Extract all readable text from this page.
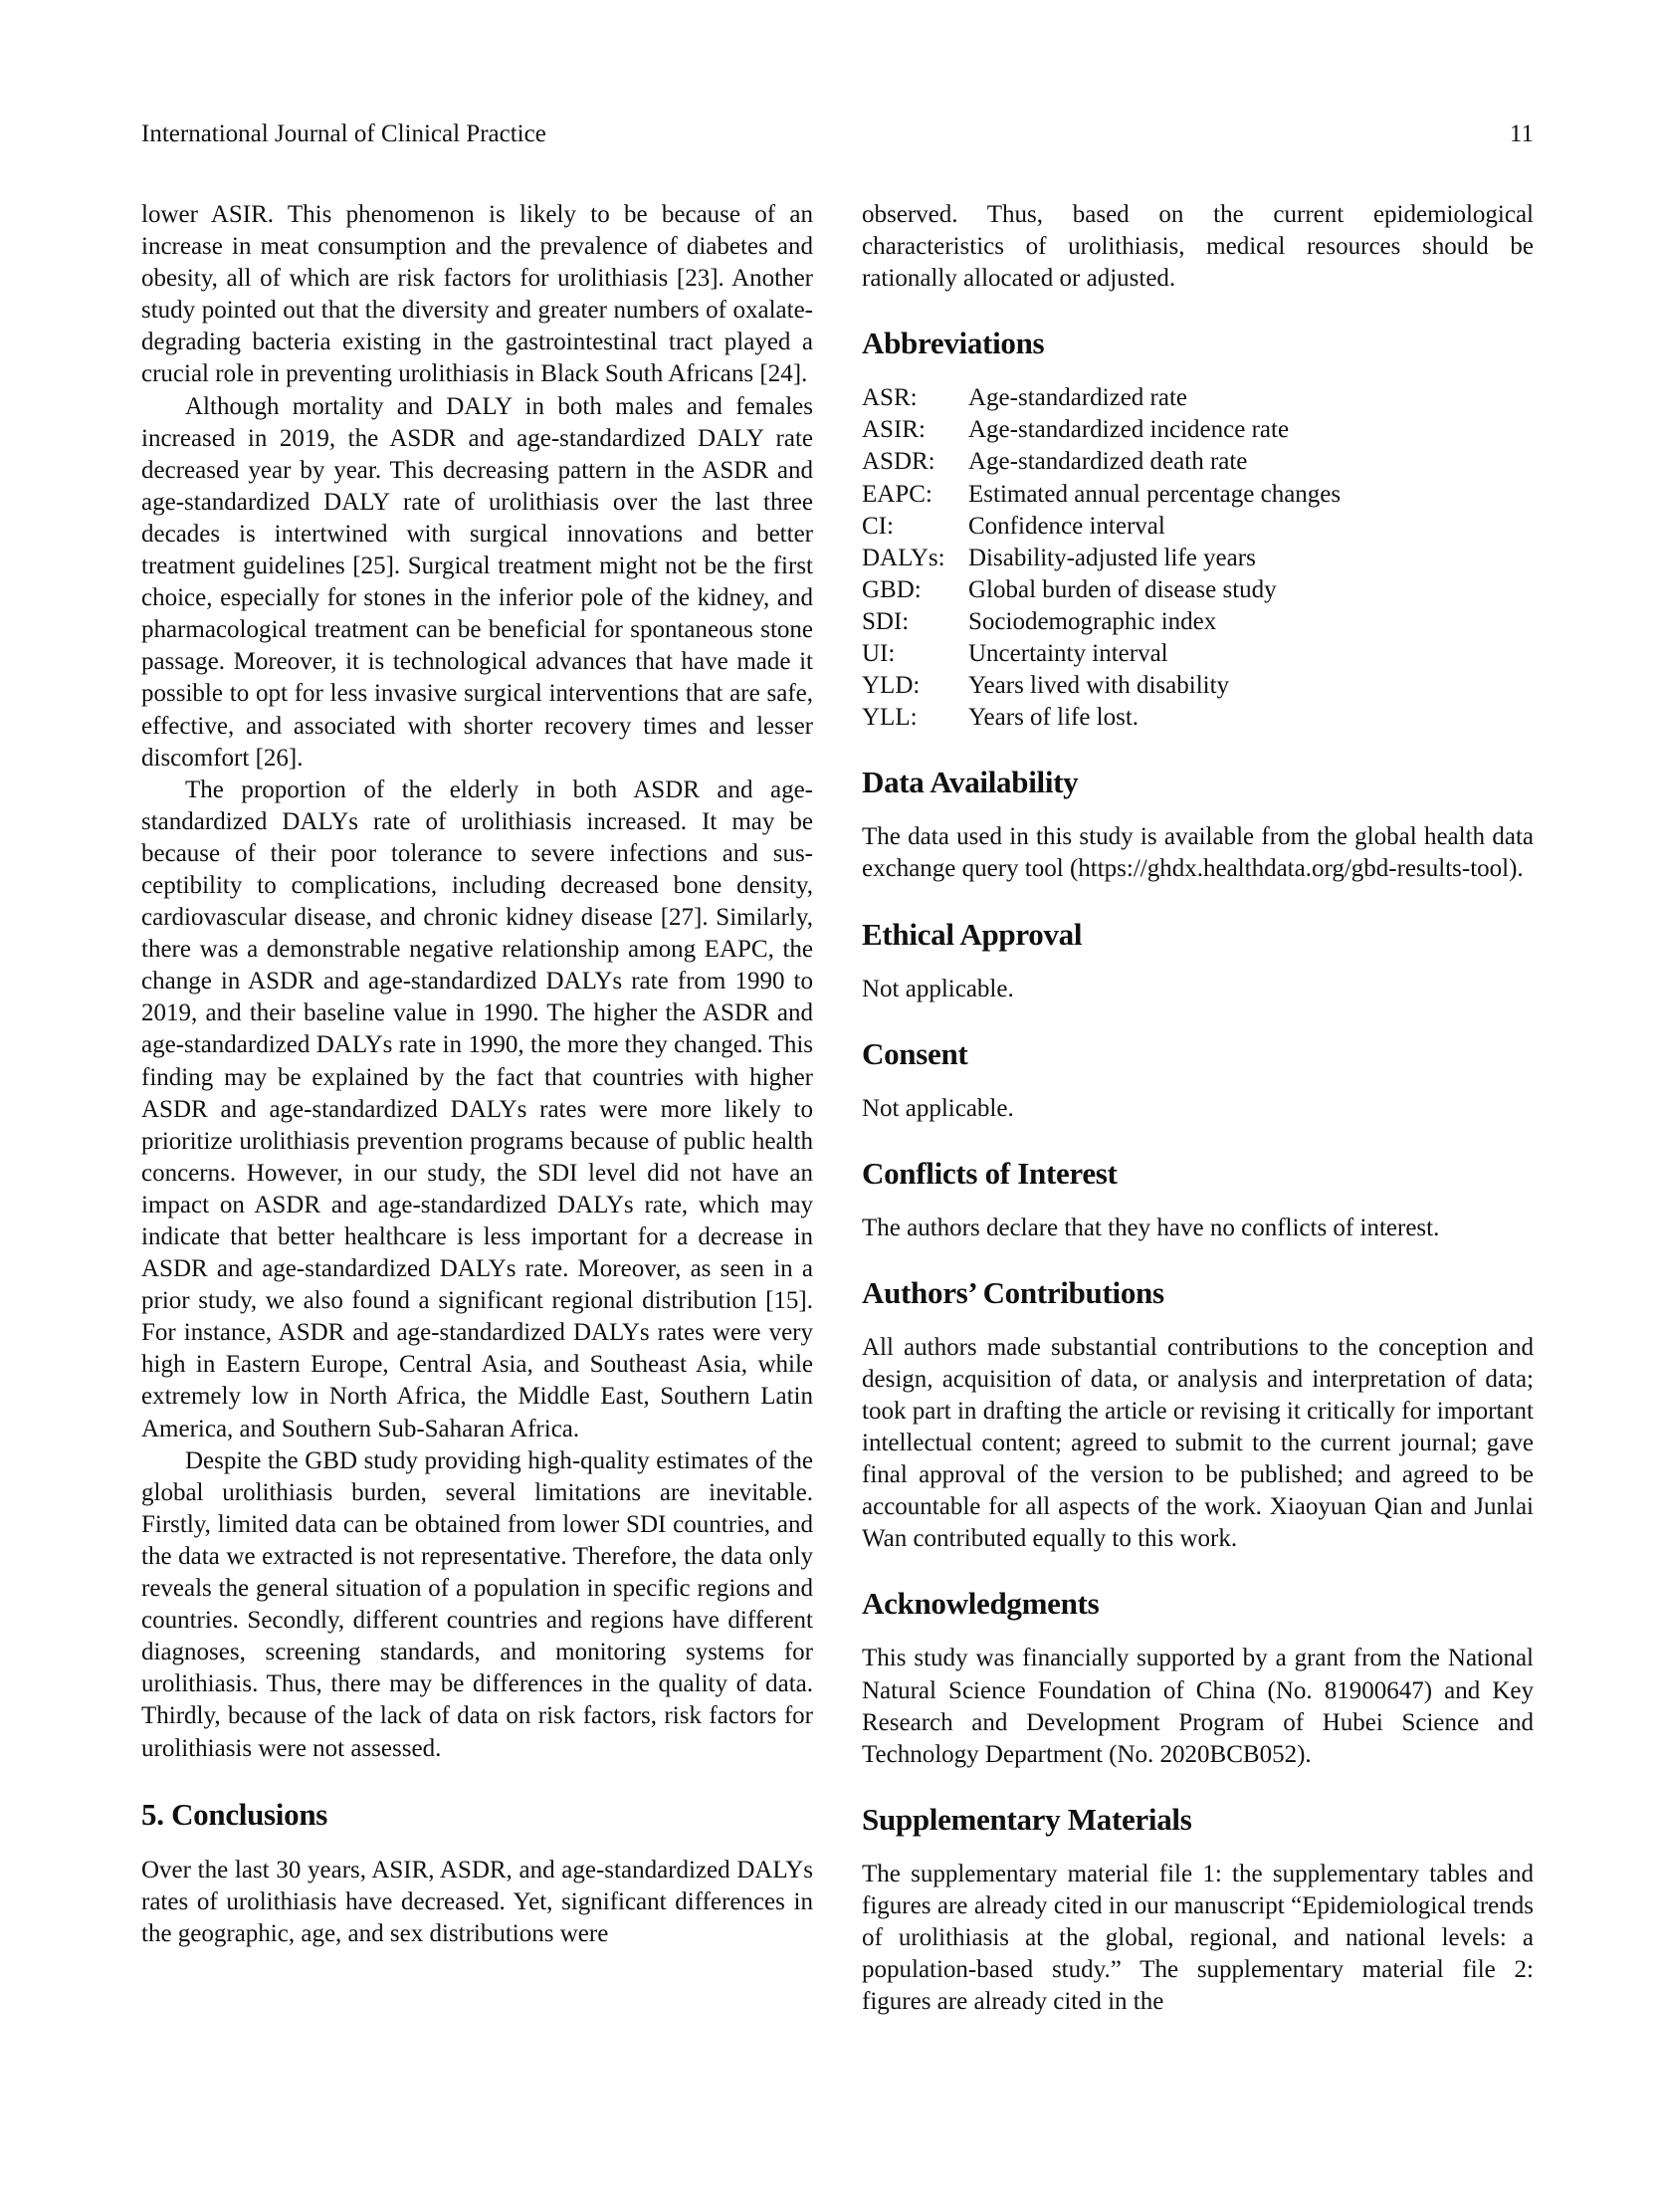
International Journal of Clinical Practice	11

lower ASIR. This phenomenon is likely to be because of an increase in meat consumption and the prevalence of diabetes and obesity, all of which are risk factors for urolithiasis [23]. Another study pointed out that the diversity and greater numbers of oxalate-degrading bacteria existing in the gastrointestinal tract played a crucial role in preventing urolithiasis in Black South Africans [24].

Although mortality and DALY in both males and females increased in 2019, the ASDR and age-standardized DALY rate decreased year by year. This decreasing pattern in the ASDR and age-standardized DALY rate of urolithiasis over the last three decades is intertwined with surgical innovations and better treatment guidelines [25]. Surgical treatment might not be the first choice, especially for stones in the inferior pole of the kidney, and pharmacological treatment can be beneficial for spontaneous stone passage. Moreover, it is technological advances that have made it possible to opt for less invasive surgical interventions that are safe, effective, and associated with shorter recovery times and lesser discomfort [26].

The proportion of the elderly in both ASDR and age-standardized DALYs rate of urolithiasis increased. It may be because of their poor tolerance to severe infections and susceptibility to complications, including decreased bone density, cardiovascular disease, and chronic kidney disease [27]. Similarly, there was a demonstrable negative relationship among EAPC, the change in ASDR and age-standardized DALYs rate from 1990 to 2019, and their baseline value in 1990. The higher the ASDR and age-standardized DALYs rate in 1990, the more they changed. This finding may be explained by the fact that countries with higher ASDR and age-standardized DALYs rates were more likely to prioritize urolithiasis prevention programs because of public health concerns. However, in our study, the SDI level did not have an impact on ASDR and age-standardized DALYs rate, which may indicate that better healthcare is less important for a decrease in ASDR and age-standardized DALYs rate. Moreover, as seen in a prior study, we also found a significant regional distribution [15]. For instance, ASDR and age-standardized DALYs rates were very high in Eastern Europe, Central Asia, and Southeast Asia, while extremely low in North Africa, the Middle East, Southern Latin America, and Southern Sub-Saharan Africa.

Despite the GBD study providing high-quality estimates of the global urolithiasis burden, several limitations are inevitable. Firstly, limited data can be obtained from lower SDI countries, and the data we extracted is not representative. Therefore, the data only reveals the general situation of a population in specific regions and countries. Secondly, different countries and regions have different diagnoses, screening standards, and monitoring systems for urolithiasis. Thus, there may be differences in the quality of data. Thirdly, because of the lack of data on risk factors, risk factors for urolithiasis were not assessed.

5. Conclusions

Over the last 30 years, ASIR, ASDR, and age-standardized DALYs rates of urolithiasis have decreased. Yet, significant differences in the geographic, age, and sex distributions were

observed. Thus, based on the current epidemiological characteristics of urolithiasis, medical resources should be rationally allocated or adjusted.

Abbreviations
ASR:	Age-standardized rate
ASIR:	Age-standardized incidence rate
ASDR:	Age-standardized death rate
EAPC:	Estimated annual percentage changes
CI:	Confidence interval
DALYs: Disability-adjusted life years
GBD:	Global burden of disease study
SDI:	Sociodemographic index
UI:	Uncertainty interval
YLD:	Years lived with disability
YLL:	Years of life lost.
Data Availability

The data used in this study is available from the global health data exchange query tool (https://ghdx.healthdata.org/gbd-results-tool).

Ethical Approval

Not applicable.

Consent

Not applicable.

Conflicts of Interest

The authors declare that they have no conflicts of interest.

Authors’ Contributions

All authors made substantial contributions to the conception and design, acquisition of data, or analysis and interpretation of data; took part in drafting the article or revising it critically for important intellectual content; agreed to submit to the current journal; gave final approval of the version to be published; and agreed to be accountable for all aspects of the work. Xiaoyuan Qian and Junlai Wan contributed equally to this work.

Acknowledgments

This study was financially supported by a grant from the National Natural Science Foundation of China (No. 81900647) and Key Research and Development Program of Hubei Science and Technology Department (No. 2020BCB052).

Supplementary Materials

The supplementary material file 1: the supplementary tables and figures are already cited in our manuscript “Epidemiological trends of urolithiasis at the global, regional, and national levels: a population-based study.” The supplementary material file 2: figures are already cited in the
